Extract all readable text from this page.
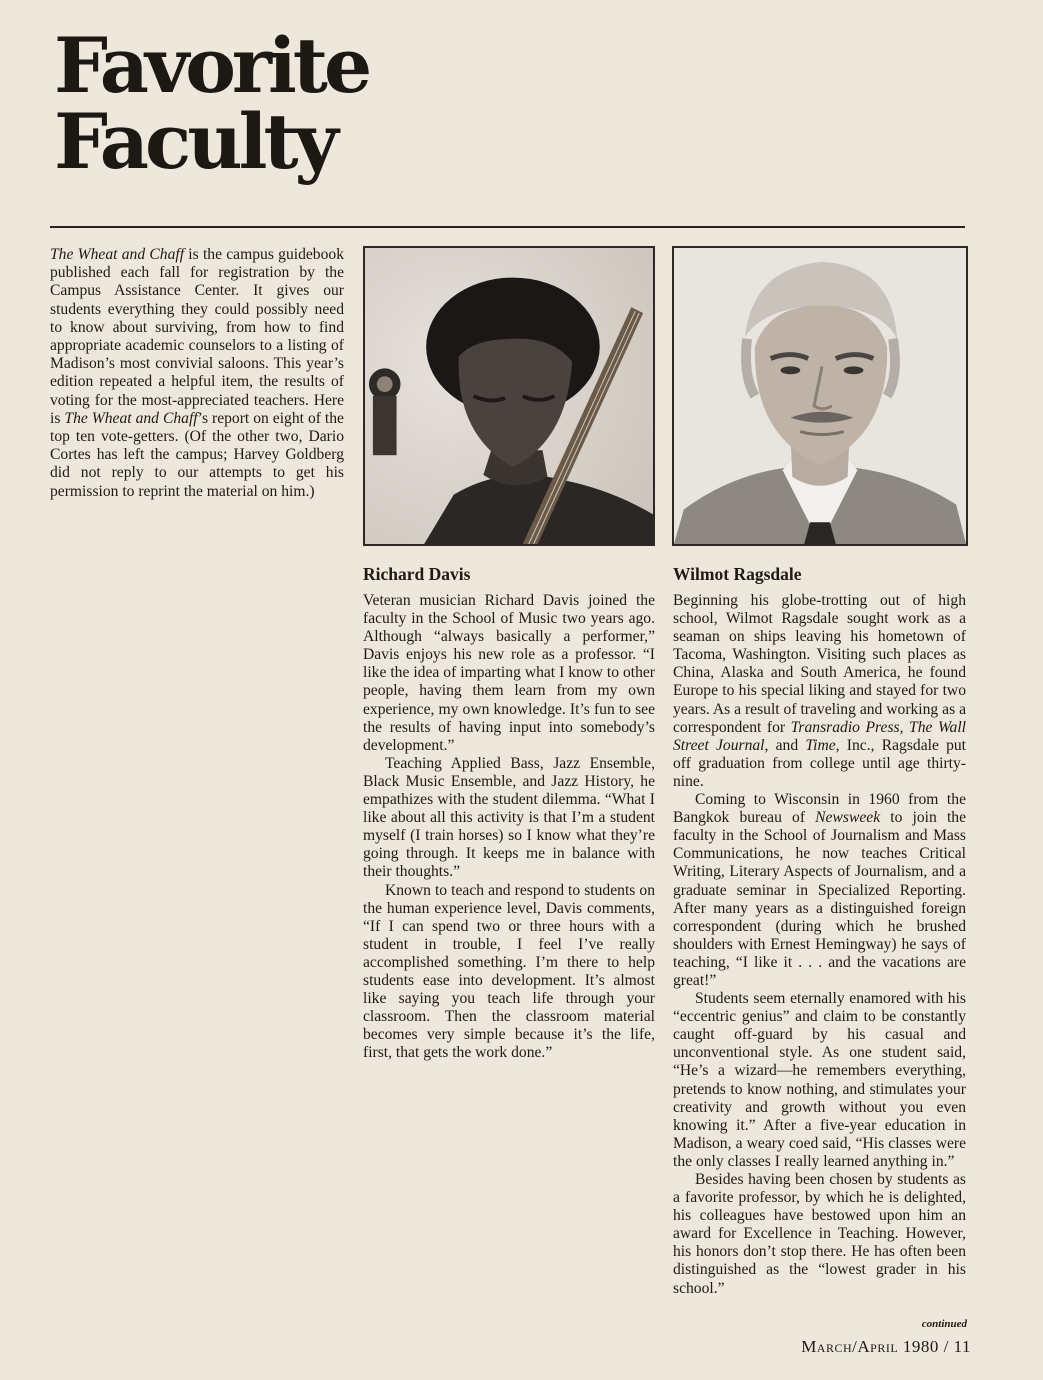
Favorite
Faculty
The Wheat and Chaff is the campus guidebook published each fall for registration by the Campus Assistance Center. It gives our students everything they could possibly need to know about surviving, from how to find appropriate academic counselors to a listing of Madison’s most convivial saloons. This year’s edition repeated a helpful item, the results of voting for the most-appreciated teachers. Here is The Wheat and Chaff’s report on eight of the top ten vote-getters. (Of the other two, Dario Cortes has left the campus; Harvey Goldberg did not reply to our attempts to get his permission to reprint the material on him.)
Richard Davis	Wilmot Ragsdale

Veteran musician Richard Davis joined the faculty in the School of Music two years ago. Although “always basically a performer,” Davis enjoys his new role as a professor. “I like the idea of imparting what I know to other people, having them learn from my own experience, my own knowledge. It’s fun to see the results of having input into somebody’s development.”

Teaching Applied Bass, Jazz Ensemble, Black Music Ensemble, and Jazz History, he empathizes with the student dilemma. “What I like about all this activity is that I’m a student myself (I train horses) so I know what they’re going through. It keeps me in balance with their thoughts.”

Known to teach and respond to students on the human experience level, Davis comments, “If I can spend two or three hours with a student in trouble, I feel I’ve really accomplished something. I’m there to help students ease into development. It’s almost like saying you teach life through your classroom. Then the classroom material becomes very simple because it’s the life, first, that gets the work done.”

Beginning his globe-trotting out of high school, Wilmot Ragsdale sought work as a seaman on ships leaving his hometown of Tacoma, Washington. Visiting such places as China, Alaska and South America, he found Europe to his special liking and stayed for two years. As a result of traveling and working as a correspondent for Transradio Press, The Wall Street Journal, and Time, Inc., Ragsdale put off graduation from college until age thirty-nine.

Coming to Wisconsin in 1960 from the Bangkok bureau of Newsweek to join the faculty in the School of Journalism and Mass Communications, he now teaches Critical Writing, Literary Aspects of Journalism, and a graduate seminar in Specialized Reporting. After many years as a distinguished foreign correspondent (during which he brushed shoulders with Ernest Hemingway) he says of teaching, “I like it . . . and the vacations are great!”

Students seem eternally enamored with his “eccentric genius” and claim to be constantly caught off-guard by his casual and unconventional style. As one student said, “He’s a wizard—he remembers everything, pretends to know nothing, and stimulates your creativity and growth without you even knowing it.” After a five-year education in Madison, a weary coed said, “His classes were the only classes I really learned anything in.”

Besides having been chosen by students as a favorite professor, by which he is delighted, his colleagues have bestowed upon him an award for Excellence in Teaching. However, his honors don’t stop there. He has often been distinguished as the “lowest grader in his school.”

continued
March/April 1980 / 11
